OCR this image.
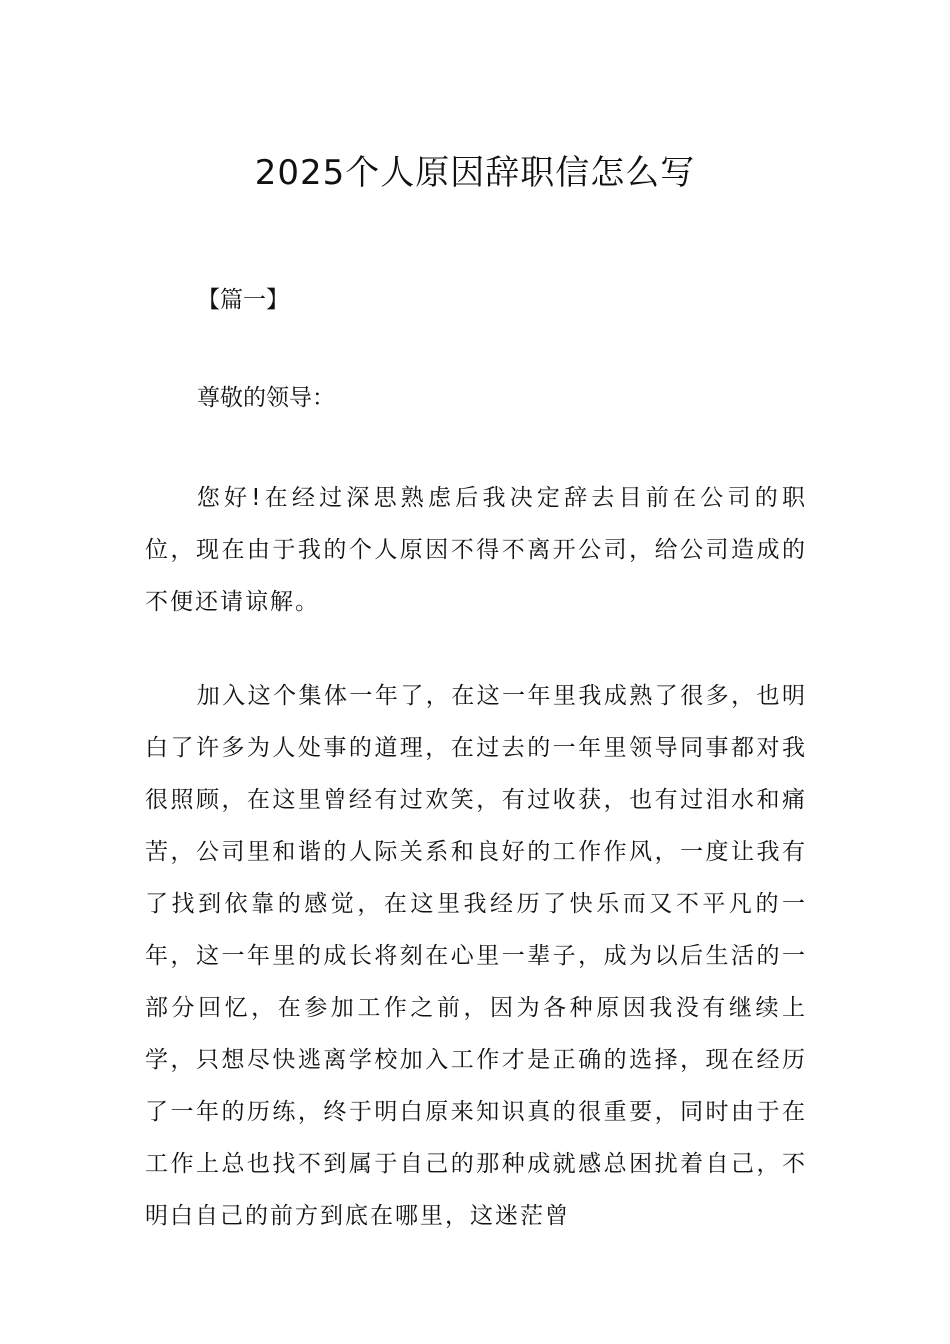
2025个人原因辞职信怎么写
【篇一】
尊敬的领导：

您好!在经过深思熟虑后我决定辞去目前在公司的职位，现在由于我的个人原因不得不离开公司，给公司造成的不便还请谅解。

加入这个集体一年了，在这一年里我成熟了很多，也明白了许多为人处事的道理，在过去的一年里领导同事都对我很照顾，在这里曾经有过欢笑，有过收获，也有过泪水和痛苦，公司里和谐的人际关系和良好的工作作风，一度让我有了找到依靠的感觉，在这里我经历了快乐而又不平凡的一年，这一年里的成长将刻在心里一辈子，成为以后生活的一部分回忆，在参加工作之前，因为各种原因我没有继续上学，只想尽快逃离学校加入工作才是正确的选择，现在经历了一年的历练，终于明白原来知识真的很重要，同时由于在工作上总也找不到属于自己的那种成就感总困扰着自己，不明白自己的前方到底在哪里，这迷茫曾
